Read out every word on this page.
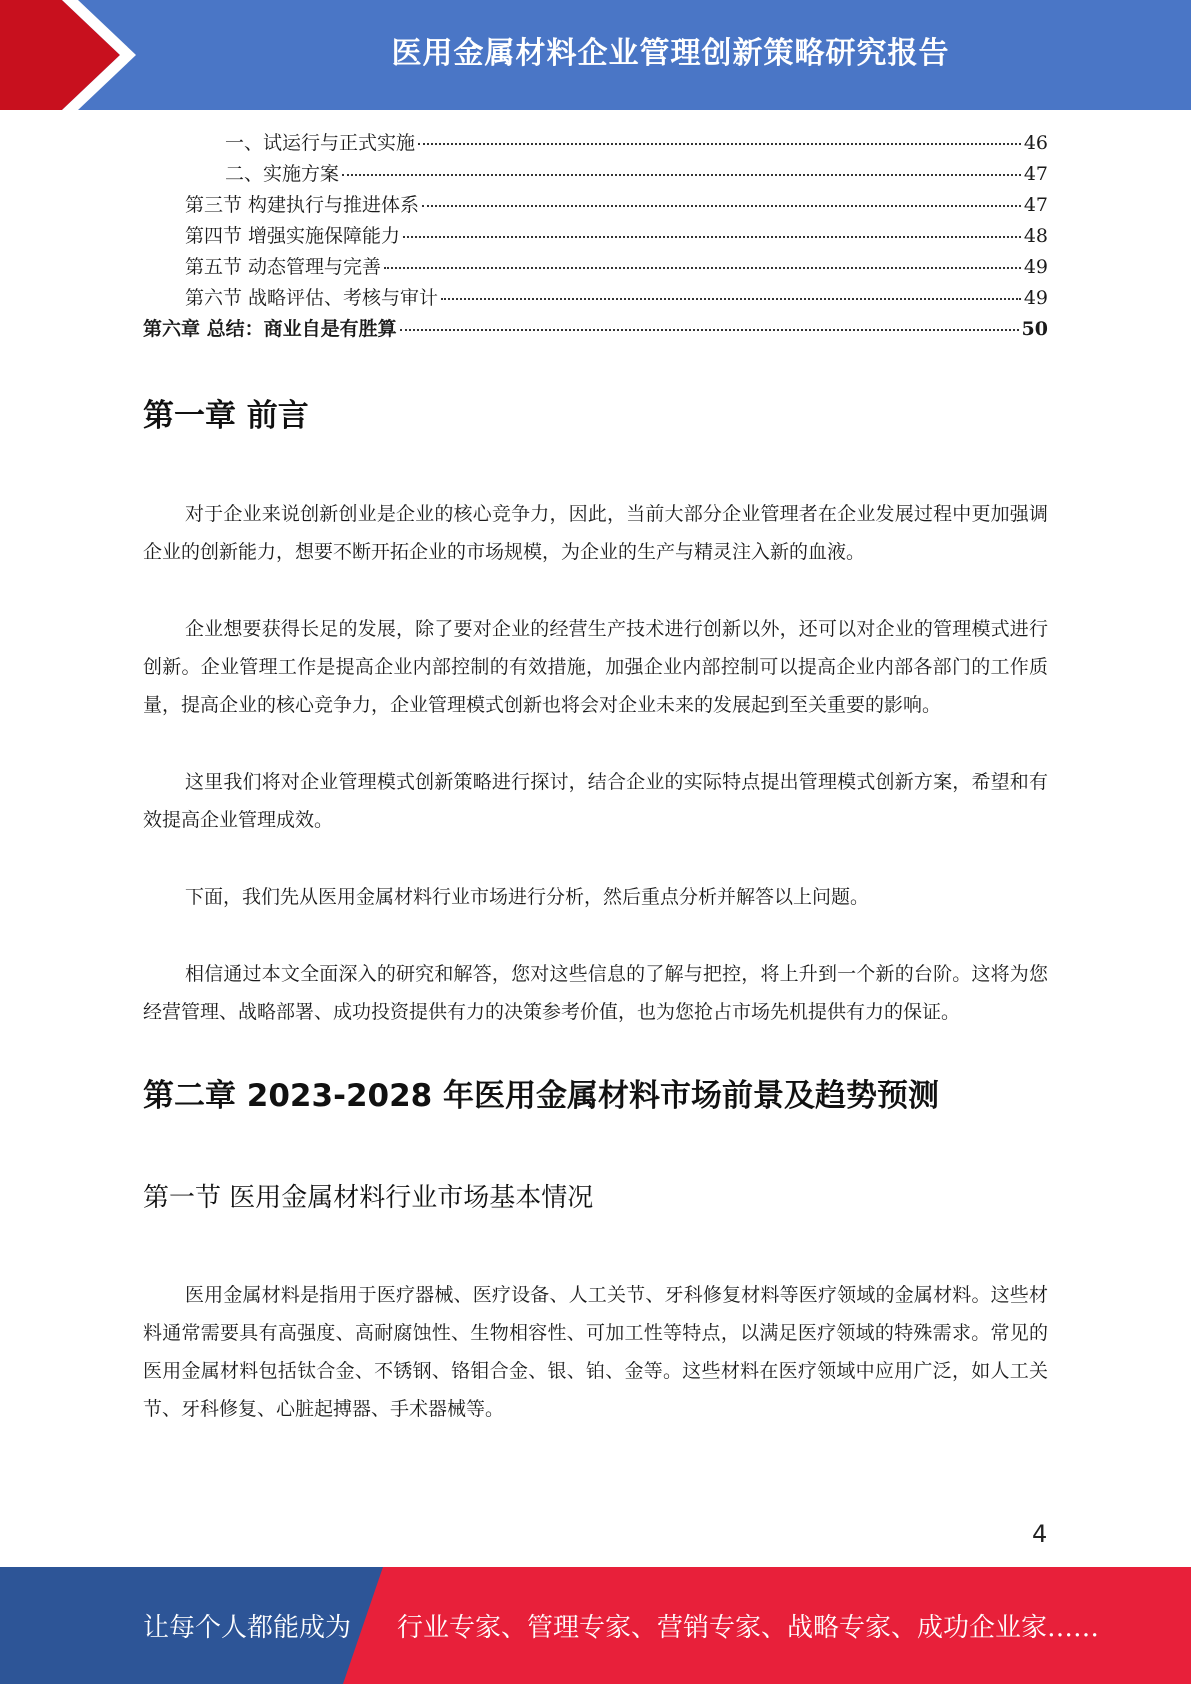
医用金属材料企业管理创新策略研究报告
一、试运行与正式实施	46
二、实施方案	47
第三节 构建执行与推进体系	47
第四节 增强实施保障能力	48
第五节 动态管理与完善	49
第六节 战略评估、考核与审计	49
第六章 总结：商业自是有胜算	50
第一章 前言

对于企业来说创新创业是企业的核心竞争力，因此，当前大部分企业管理者在企业发展过程中更加强调企业的创新能力，想要不断开拓企业的市场规模，为企业的生产与精灵注入新的血液。

企业想要获得长足的发展，除了要对企业的经营生产技术进行创新以外，还可以对企业的管理模式进行创新。企业管理工作是提高企业内部控制的有效措施，加强企业内部控制可以提高企业内部各部门的工作质量，提高企业的核心竞争力，企业管理模式创新也将会对企业未来的发展起到至关重要的影响。

这里我们将对企业管理模式创新策略进行探讨，结合企业的实际特点提出管理模式创新方案，希望和有效提高企业管理成效。

下面，我们先从医用金属材料行业市场进行分析，然后重点分析并解答以上问题。

相信通过本文全面深入的研究和解答，您对这些信息的了解与把控，将上升到一个新的台阶。这将为您经营管理、战略部署、成功投资提供有力的决策参考价值，也为您抢占市场先机提供有力的保证。

第二章 2023-2028 年医用金属材料市场前景及趋势预测
第一节 医用金属材料行业市场基本情况

医用金属材料是指用于医疗器械、医疗设备、人工关节、牙科修复材料等医疗领域的金属材料。这些材料通常需要具有高强度、高耐腐蚀性、生物相容性、可加工性等特点，以满足医疗领域的特殊需求。常见的医用金属材料包括钛合金、不锈钢、铬钼合金、银、铂、金等。这些材料在医疗领域中应用广泛，如人工关节、牙科修复、心脏起搏器、手术器械等。

4
让每个人都能成为 行业专家、管理专家、营销专家、战略专家、成功企业家……
